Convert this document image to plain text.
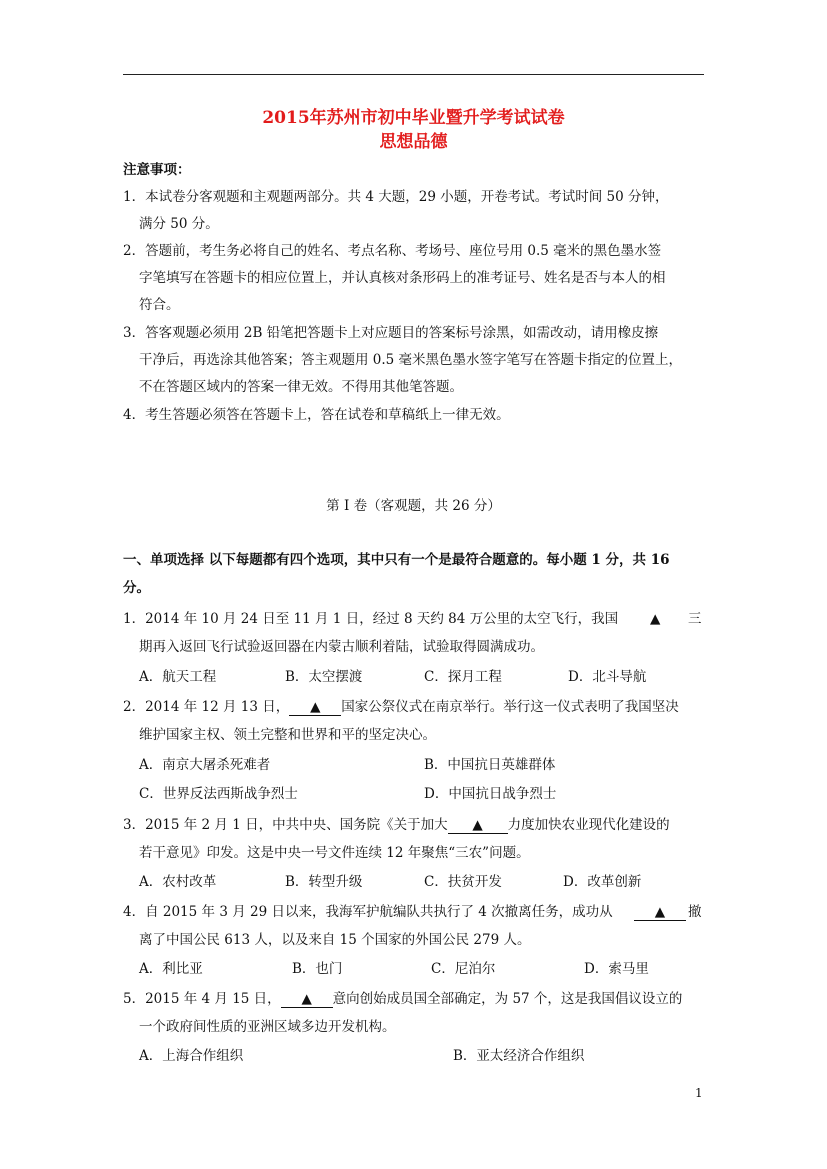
2015年苏州市初中毕业暨升学考试试卷
思想品德
注意事项：
1．本试卷分客观题和主观题两部分。共 4 大题，29 小题，开卷考试。考试时间 50 分钟，
满分 50 分。
2．答题前，考生务必将自己的姓名、考点名称、考场号、座位号用 0.5 毫米的黑色墨水签
字笔填写在答题卡的相应位置上，并认真核对条形码上的准考证号、姓名是否与本人的相
符合。
3．答客观题必须用 2B 铅笔把答题卡上对应题目的答案标号涂黑，如需改动，请用橡皮擦
干净后，再选涂其他答案；答主观题用 0.5 毫米黑色墨水签字笔写在答题卡指定的位置上，
不在答题区域内的答案一律无效。不得用其他笔答题。
4．考生答题必须答在答题卡上，答在试卷和草稿纸上一律无效。
第 I 卷（客观题，共 26 分）
一、单项选择 以下每题都有四个选项，其中只有一个是最符合题意的。每小题 1 分，共 16
分。
1．2014 年 10 月 24 日至 11 月 1 日，经过 8 天约 84 万公里的太空飞行，我国 ▲ 三
期再入返回飞行试验返回器在内蒙古顺利着陆，试验取得圆满成功。
A．航天工程	B．太空摆渡	C．探月工程	D．北斗导航
2．2014 年 12 月 13 日， ▲ 国家公祭仪式在南京举行。举行这一仪式表明了我国坚决
维护国家主权、领土完整和世界和平的坚定决心。
A．南京大屠杀死难者	B．中国抗日英雄群体
C．世界反法西斯战争烈士	D．中国抗日战争烈士
3．2015 年 2 月 1 日，中共中央、国务院《关于加大 ▲ 力度加快农业现代化建设的
若干意见》印发。这是中央一号文件连续 12 年聚焦“三农”问题。
A．农村改革	B．转型升级	C．扶贫开发	D．改革创新
4．自 2015 年 3 月 29 日以来，我海军护航编队共执行了 4 次撤离任务，成功从	▲	撤
离了中国公民 613 人，以及来自 15 个国家的外国公民 279 人。
A．利比亚	B．也门	C．尼泊尔	D．索马里
5．2015 年 4 月 15 日， ▲ 意向创始成员国全部确定，为 57 个，这是我国倡议设立的
一个政府间性质的亚洲区域多边开发机构。
A．上海合作组织	B．亚太经济合作组织
1
